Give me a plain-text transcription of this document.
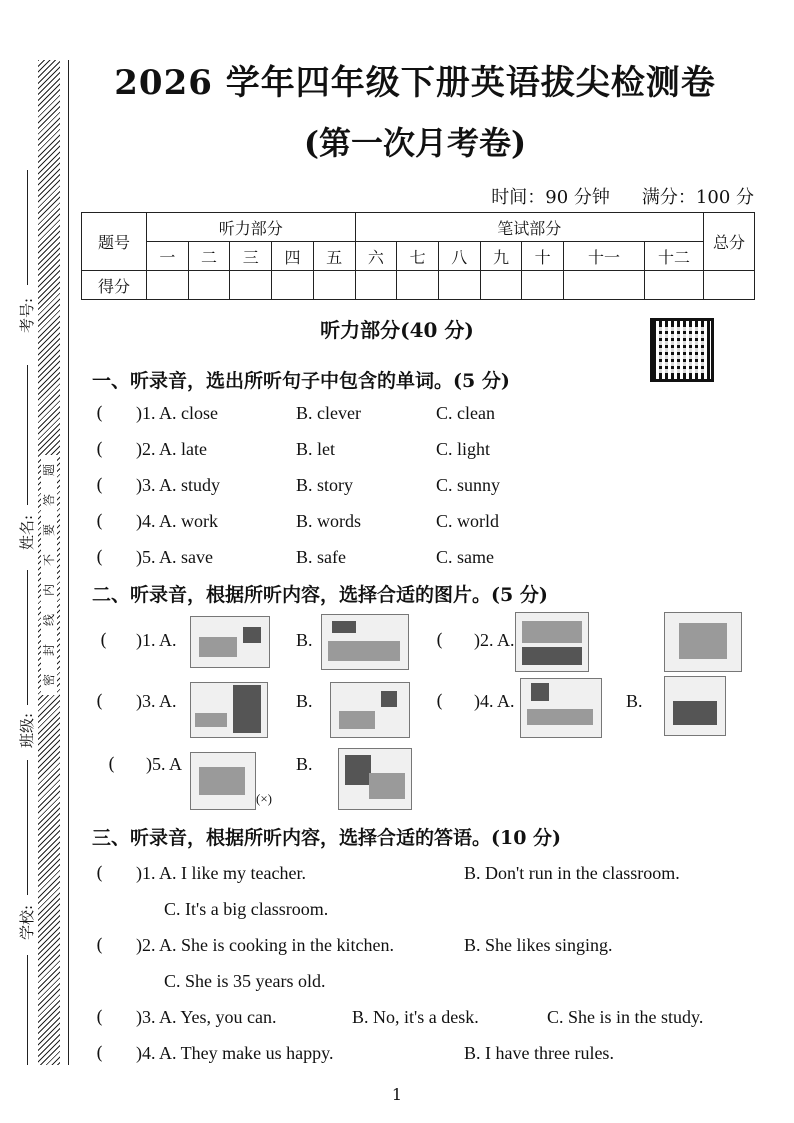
考号:
姓名:
班级:
学校:
题
答
要
不
内
线
封
密
2026 学年四年级下册英语拔尖检测卷
(第一次月考卷)
时间：90 分钟 满分：100 分
题号	听力部分					笔试部分							总分
	一	二	三	四	五	六	七	八	九	十	十一	十二	
得分													
听力部分(40 分)
一、听录音，选出所听句子中包含的单词。(5 分)
( )1. A. close	B. clever	C. clean
( )2. A. late	B. let	C. light
( )3. A. study	B. story	C. sunny
( )4. A. work	B. words	C. world
( )5. A. save	B. safe	C. same
二、听录音，根据所听内容，选择合适的图片。(5 分)
( )1. A.	B.	( )2. A.
( )3. A.	B.	( )4. A.	B.
( )5. A
(×)
B.
三、听录音，根据所听内容，选择合适的答语。(10 分)
( )1. A. I like my teacher.	B. Don't run in the classroom.
C. It's a big classroom.
( )2. A. She is cooking in the kitchen.	B. She likes singing.
C. She is 35 years old.
( )3. A. Yes, you can.	B. No, it's a desk.	C. She is in the study.
( )4. A. They make us happy.	B. I have three rules.
1
